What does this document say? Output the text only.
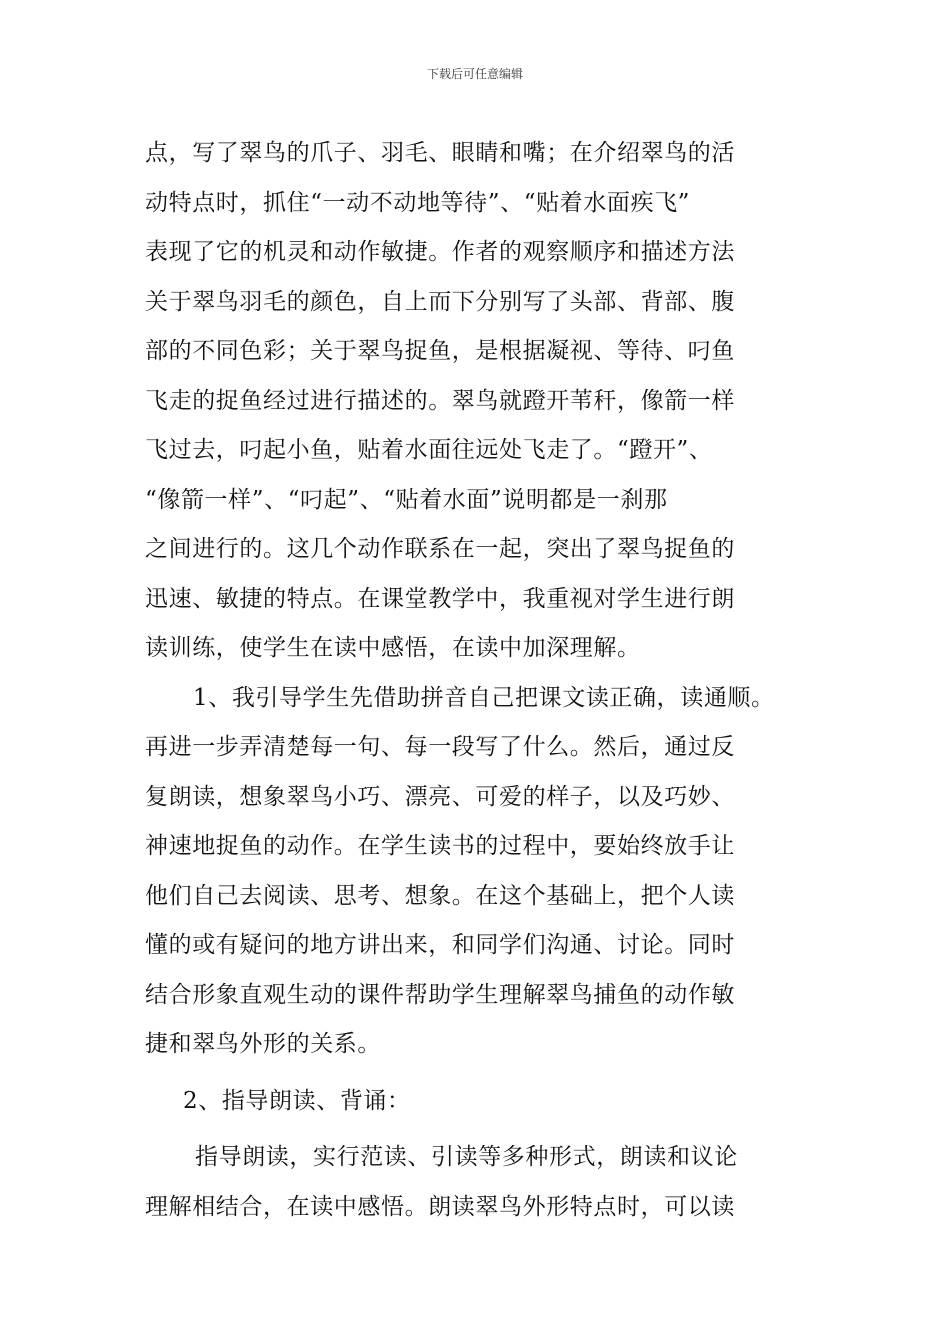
下载后可任意编辑
点，写了翠鸟的爪子、羽毛、眼睛和嘴；在介绍翠鸟的活
动特点时，抓住“一动不动地等待”、“贴着水面疾飞”
表现了它的机灵和动作敏捷。作者的观察顺序和描述方法
关于翠鸟羽毛的颜色，自上而下分别写了头部、背部、腹
部的不同色彩；关于翠鸟捉鱼，是根据凝视、等待、叼鱼
飞走的捉鱼经过进行描述的。翠鸟就蹬开苇秆，像箭一样
飞过去，叼起小鱼，贴着水面往远处飞走了。“蹬开”、
“像箭一样”、“叼起”、“贴着水面”说明都是一刹那
之间进行的。这几个动作联系在一起，突出了翠鸟捉鱼的
迅速、敏捷的特点。在课堂教学中，我重视对学生进行朗
读训练，使学生在读中感悟，在读中加深理解。
1、我引导学生先借助拼音自己把课文读正确，读通顺。
再进一步弄清楚每一句、每一段写了什么。然后，通过反
复朗读，想象翠鸟小巧、漂亮、可爱的样子，以及巧妙、
神速地捉鱼的动作。在学生读书的过程中，要始终放手让
他们自己去阅读、思考、想象。在这个基础上，把个人读
懂的或有疑问的地方讲出来，和同学们沟通、讨论。同时
结合形象直观生动的课件帮助学生理解翠鸟捕鱼的动作敏
捷和翠鸟外形的关系。
2、指导朗读、背诵：
指导朗读，实行范读、引读等多种形式，朗读和议论
理解相结合，在读中感悟。朗读翠鸟外形特点时，可以读
